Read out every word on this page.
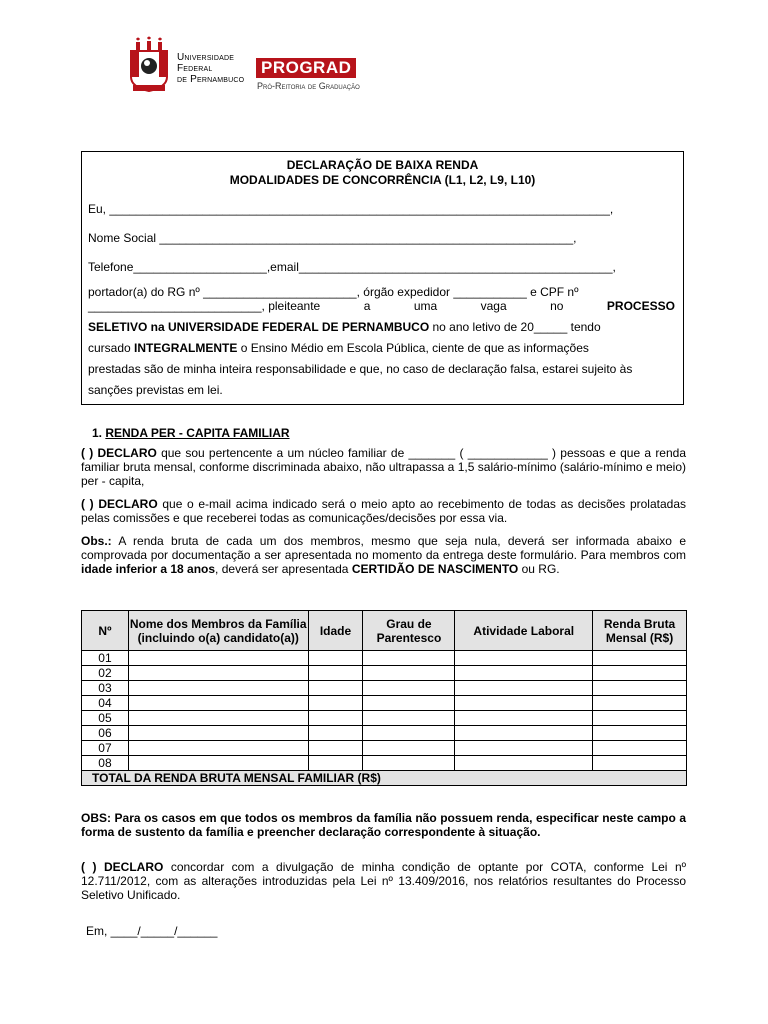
Universidade
Federal
de Pernambuco
PROGRAD
Pró-Reitoria de Graduação
DECLARAÇÃO DE BAIXA RENDA
MODALIDADES DE CONCORRÊNCIA (L1, L2, L9, L10)
Eu, ___________________________________________________________________________,
Nome Social ______________________________________________________________,
Telefone____________________,email_______________________________________________,
portador(a) do RG nº _______________________, órgão expedidor ___________ e CPF nº
__________________________, pleiteante	a	uma	vaga	no	PROCESSO
SELETIVO na UNIVERSIDADE FEDERAL DE PERNAMBUCO no ano letivo de 20_____ tendo
cursado INTEGRALMENTE o Ensino Médio em Escola Pública, ciente de que as informações
prestadas são de minha inteira responsabilidade e que, no caso de declaração falsa, estarei sujeito às
sanções previstas em lei.
1. RENDA PER - CAPITA FAMILIAR
( ) DECLARO que sou pertencente a um núcleo familiar de _______ ( ____________ ) pessoas e que a renda familiar bruta mensal, conforme discriminada abaixo, não ultrapassa a 1,5 salário-mínimo (salário-mínimo e meio) per - capita,
( ) DECLARO que o e-mail acima indicado será o meio apto ao recebimento de todas as decisões prolatadas pelas comissões e que receberei todas as comunicações/decisões por essa via.
Obs.: A renda bruta de cada um dos membros, mesmo que seja nula, deverá ser informada abaixo e comprovada por documentação a ser apresentada no momento da entrega deste formulário. Para membros com idade inferior a 18 anos, deverá ser apresentada CERTIDÃO DE NASCIMENTO ou RG.
Nº	Nome dos Membros da Família (incluindo o(a) candidato(a))	Idade	Grau de Parentesco	Atividade Laboral	Renda Bruta Mensal (R$)
01					
02					
03					
04					
05					
06					
07					
08					
TOTAL DA RENDA BRUTA MENSAL FAMILIAR (R$)					
OBS: Para os casos em que todos os membros da família não possuem renda, especificar neste campo a forma de sustento da família e preencher declaração correspondente à situação.
( ) DECLARO concordar com a divulgação de minha condição de optante por COTA, conforme Lei nº 12.711/2012, com as alterações introduzidas pela Lei nº 13.409/2016, nos relatórios resultantes do Processo Seletivo Unificado.
Em, ____/_____/______
